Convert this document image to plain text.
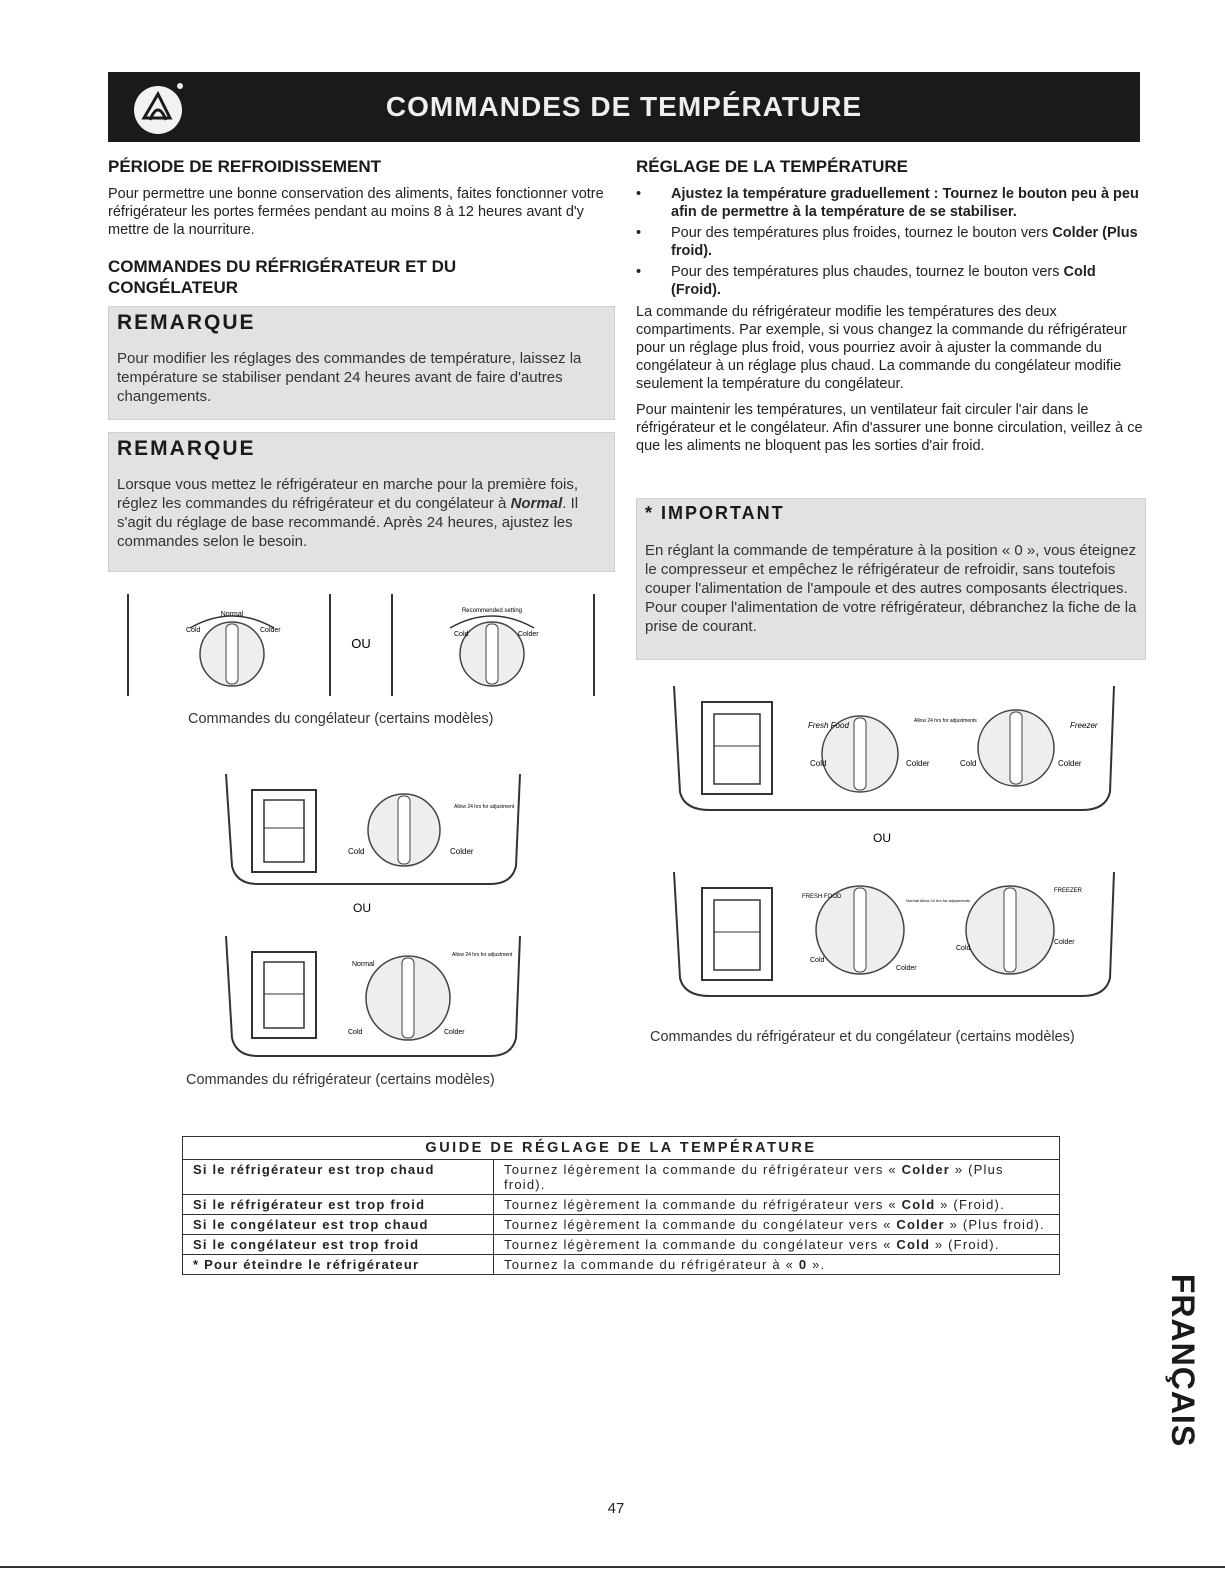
COMMANDES DE TEMPÉRATURE
PÉRIODE DE REFROIDISSEMENT

Pour permettre une bonne conservation des aliments, faites fonctionner votre réfrigérateur les portes fermées pendant au moins 8 à 12 heures avant d'y mettre de la nourriture.

COMMANDES DU RÉFRIGÉRATEUR ET DU CONGÉLATEUR
REMARQUE
Pour modifier les réglages des commandes de température, laissez la température se stabiliser pendant 24 heures avant de faire d'autres changements.
REMARQUE
Lorsque vous mettez le réfrigérateur en marche pour la première fois, réglez les commandes du réfrigérateur et du congélateur à Normal. Il s'agit du réglage de base recommandé. Après 24 heures, ajustez les commandes selon le besoin.
Normal
Cold	Colder
OU
Recommended setting
Cold	Colder
Commandes du congélateur (certains modèles)
Cold	Colder
Allow 24 hrs for adjustment
OU
Normal
Cold	Colder
Allow 24 hrs for adjustment
Commandes du réfrigérateur (certains modèles)
RÉGLAGE DE LA TEMPÉRATURE
• Ajustez la température graduellement : Tournez le bouton peu à peu afin de permettre à la température de se stabiliser.
• Pour des températures plus froides, tournez le bouton vers Colder (Plus froid).
• Pour des températures plus chaudes, tournez le bouton vers Cold (Froid).

La commande du réfrigérateur modifie les températures des deux compartiments. Par exemple, si vous changez la commande du réfrigérateur pour un réglage plus froid, vous pourriez avoir à ajuster la commande du congélateur à un réglage plus chaud. La commande du congélateur modifie seulement la température du congélateur.

Pour maintenir les températures, un ventilateur fait circuler l'air dans le réfrigérateur et le congélateur. Afin d'assurer une bonne circulation, veillez à ce que les aliments ne bloquent pas les sorties d'air froid.

* IMPORTANT
En réglant la commande de température à la position « 0 », vous éteignez le compresseur et empêchez le réfrigérateur de refroidir, sans toutefois couper l'alimentation de l'ampoule et des autres composants électriques. Pour couper l'alimentation de votre réfrigérateur, débranchez la fiche de la prise de courant.
Fresh Food	Freezer
Allow 24 hrs for adjustments
Cold	Colder	Cold	Colder
OU
FRESH FOOD
FREEZER
Normal Allow 24 hrs for adjustments
Cold
Colder
Cold
Colder
Commandes du réfrigérateur et du congélateur (certains modèles)
GUIDE DE RÉGLAGE DE LA TEMPÉRATURE	
Si le réfrigérateur est trop chaud	Tournez légèrement la commande du réfrigérateur vers « Colder » (Plus froid).
Si le réfrigérateur est trop froid	Tournez légèrement la commande du réfrigérateur vers « Cold » (Froid).
Si le congélateur est trop chaud	Tournez légèrement la commande du congélateur vers « Colder » (Plus froid).
Si le congélateur est trop froid	Tournez légèrement la commande du congélateur vers « Cold » (Froid).
* Pour éteindre le réfrigérateur	Tournez la commande du réfrigérateur à « 0 ».
FRANÇAIS
47
